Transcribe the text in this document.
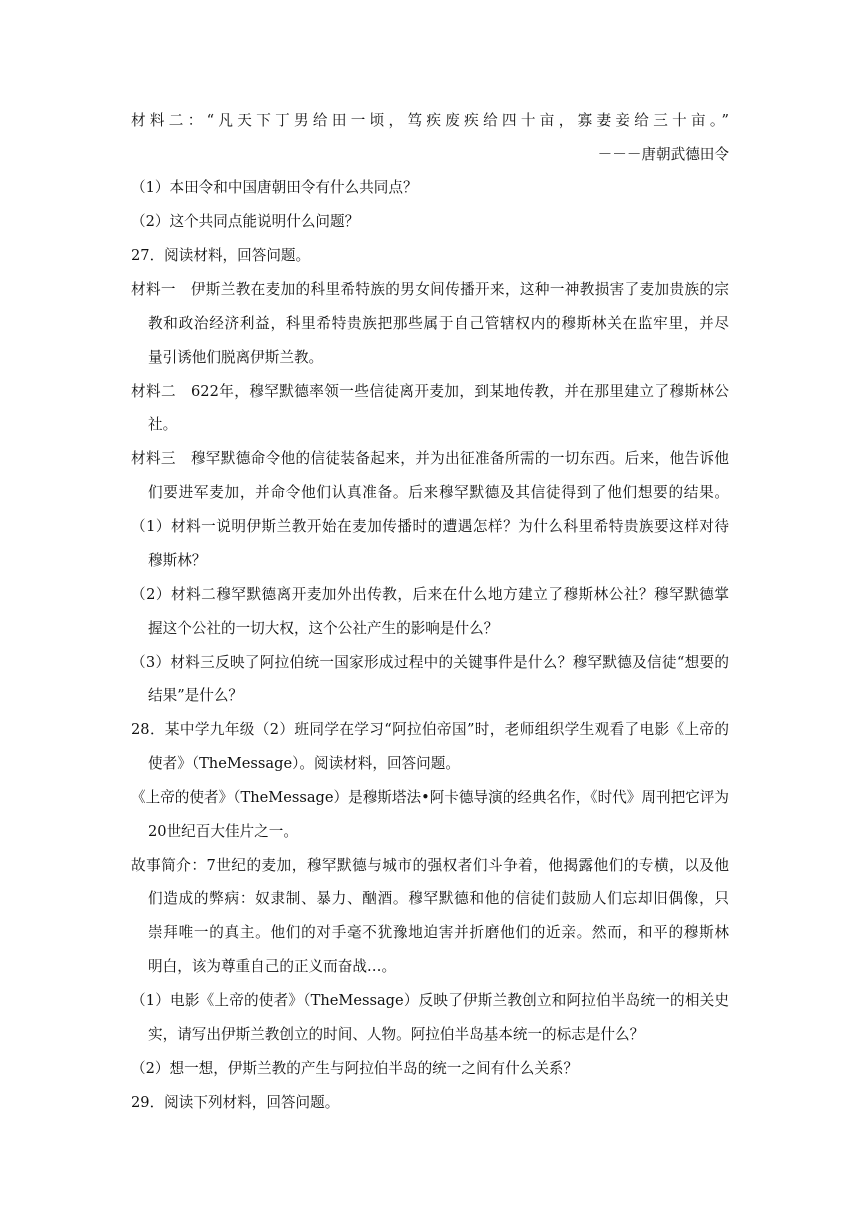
材料二：“凡天下丁男给田一顷，笃疾废疾给四十亩，寡妻妾给三十亩。”
－－－唐朝武德田令
（1）本田令和中国唐朝田令有什么共同点？
（2）这个共同点能说明什么问题？
27．阅读材料，回答问题。
材料一　伊斯兰教在麦加的科里希特族的男女间传播开来，这种一神教损害了麦加贵族的宗
教和政治经济利益，科里希特贵族把那些属于自己管辖权内的穆斯林关在监牢里，并尽
量引诱他们脱离伊斯兰教。
材料二　622年，穆罕默德率领一些信徒离开麦加，到某地传教，并在那里建立了穆斯林公
社。
材料三　穆罕默德命令他的信徒装备起来，并为出征准备所需的一切东西。后来，他告诉他
们要进军麦加，并命令他们认真准备。后来穆罕默德及其信徒得到了他们想要的结果。
（1）材料一说明伊斯兰教开始在麦加传播时的遭遇怎样？为什么科里希特贵族要这样对待
穆斯林？
（2）材料二穆罕默德离开麦加外出传教，后来在什么地方建立了穆斯林公社？穆罕默德掌
握这个公社的一切大权，这个公社产生的影响是什么？
（3）材料三反映了阿拉伯统一国家形成过程中的关键事件是什么？穆罕默德及信徒“想要的
结果”是什么？
28．某中学九年级（2）班同学在学习“阿拉伯帝国”时，老师组织学生观看了电影《上帝的
使者》（TheMessage）。阅读材料，回答问题。
《上帝的使者》（TheMessage）是穆斯塔法•阿卡德导演的经典名作，《时代》周刊把它评为
20世纪百大佳片之一。
故事简介：7世纪的麦加，穆罕默德与城市的强权者们斗争着，他揭露他们的专横，以及他
们造成的弊病：奴隶制、暴力、酗酒。穆罕默德和他的信徒们鼓励人们忘却旧偶像，只
崇拜唯一的真主。他们的对手毫不犹豫地迫害并折磨他们的近亲。然而，和平的穆斯林
明白，该为尊重自己的正义而奋战…。
（1）电影《上帝的使者》（TheMessage）反映了伊斯兰教创立和阿拉伯半岛统一的相关史
实，请写出伊斯兰教创立的时间、人物。阿拉伯半岛基本统一的标志是什么？
（2）想一想，伊斯兰教的产生与阿拉伯半岛的统一之间有什么关系？
29．阅读下列材料，回答问题。
